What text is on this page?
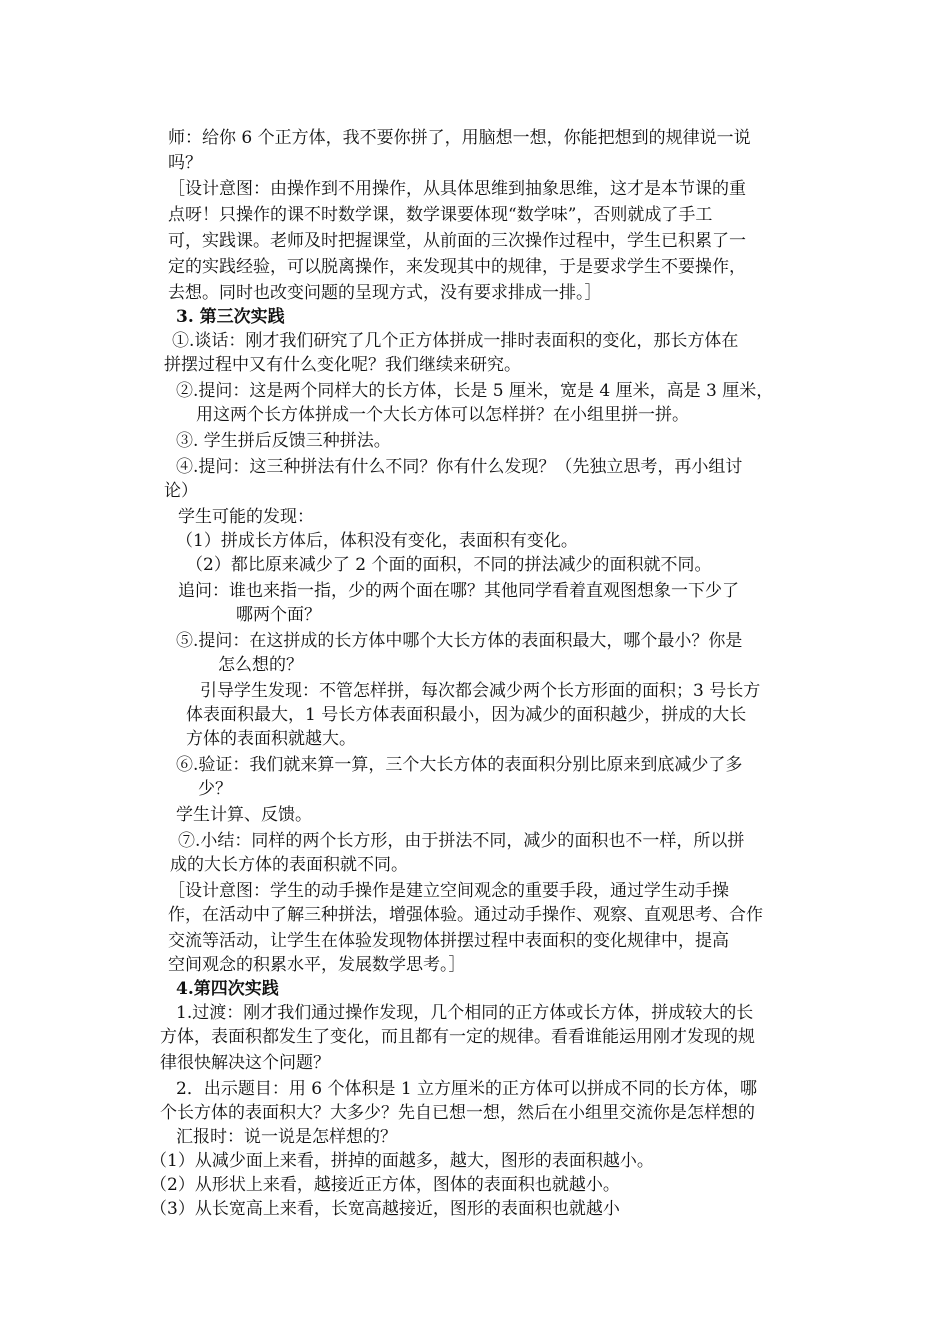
师：给你 6 个正方体，我不要你拼了，用脑想一想，你能把想到的规律说一说
吗？
［设计意图：由操作到不用操作，从具体思维到抽象思维，这才是本节课的重
点呀！只操作的课不时数学课，数学课要体现“数学味”，否则就成了手工
可，实践课。老师及时把握课堂，从前面的三次操作过程中，学生已积累了一
定的实践经验，可以脱离操作，来发现其中的规律，于是要求学生不要操作，
去想。同时也改变问题的呈现方式，没有要求排成一排。］
3. 第三次实践
①.谈话：刚才我们研究了几个正方体拼成一排时表面积的变化，那长方体在
拼摆过程中又有什么变化呢？我们继续来研究。
②.提问：这是两个同样大的长方体，长是 5 厘米，宽是 4 厘米，高是 3 厘米，
用这两个长方体拼成一个大长方体可以怎样拼？在小组里拼一拼。
③. 学生拼后反馈三种拼法。
④.提问：这三种拼法有什么不同？你有什么发现？（先独立思考，再小组讨
论）
学生可能的发现：
（1）拼成长方体后，体积没有变化，表面积有变化。
（2）都比原来减少了 2 个面的面积，不同的拼法减少的面积就不同。
追问：谁也来指一指，少的两个面在哪？其他同学看着直观图想象一下少了
哪两个面？
⑤.提问：在这拼成的长方体中哪个大长方体的表面积最大，哪个最小？你是
怎么想的？
引导学生发现：不管怎样拼，每次都会减少两个长方形面的面积；3 号长方
体表面积最大，1 号长方体表面积最小，因为减少的面积越少，拼成的大长
方体的表面积就越大。
⑥.验证：我们就来算一算，三个大长方体的表面积分别比原来到底减少了多
少？
学生计算、反馈。
⑦.小结：同样的两个长方形，由于拼法不同，减少的面积也不一样，所以拼
成的大长方体的表面积就不同。
［设计意图：学生的动手操作是建立空间观念的重要手段，通过学生动手操
作，在活动中了解三种拼法，增强体验。通过动手操作、观察、直观思考、合作
交流等活动，让学生在体验发现物体拼摆过程中表面积的变化规律中，提高
空间观念的积累水平，发展数学思考。］
4.第四次实践
1.过渡：刚才我们通过操作发现，几个相同的正方体或长方体，拼成较大的长
方体，表面积都发生了变化，而且都有一定的规律。看看谁能运用刚才发现的规
律很快解决这个问题？
2．出示题目：用 6 个体积是 1 立方厘米的正方体可以拼成不同的长方体，哪
个长方体的表面积大？大多少？先自已想一想，然后在小组里交流你是怎样想的
汇报时：说一说是怎样想的？
（1）从减少面上来看，拼掉的面越多，越大，图形的表面积越小。
（2）从形状上来看，越接近正方体，图体的表面积也就越小。
（3）从长宽高上来看，长宽高越接近，图形的表面积也就越小
